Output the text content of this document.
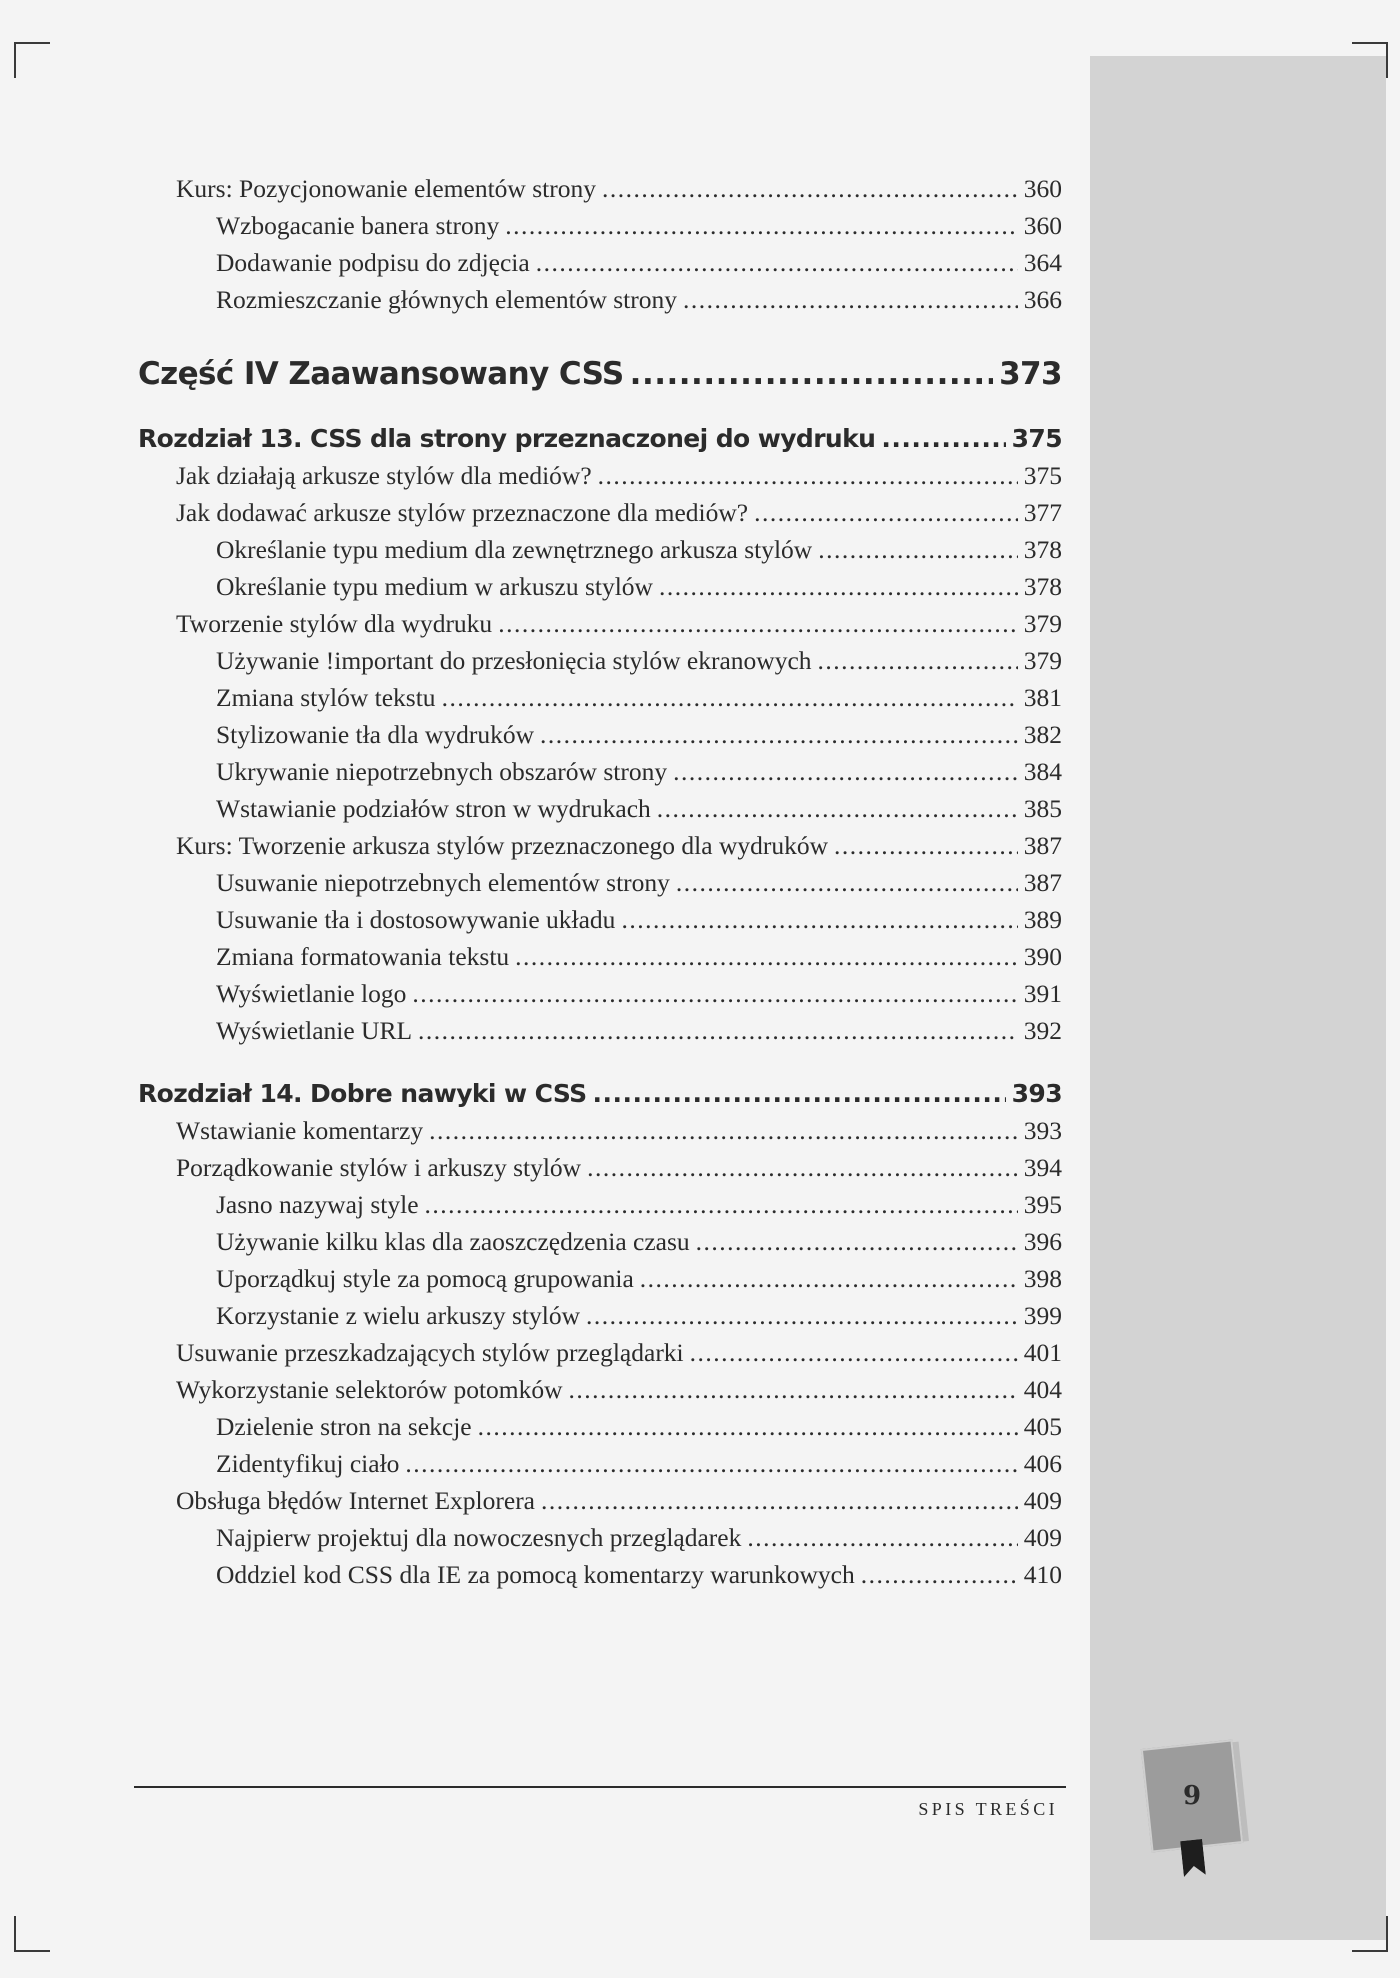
Kurs: Pozycjonowanie elementów strony .....	360
Wzbogacanie banera strony .....	360
Dodawanie podpisu do zdjęcia .....	364
Rozmieszczanie głównych elementów strony .....	366
Część IV Zaawansowany CSS .....	373
Rozdział 13. CSS dla strony przeznaczonej do wydruku .....	375
Jak działają arkusze stylów dla mediów? .....	375
Jak dodawać arkusze stylów przeznaczone dla mediów? .....	377
Określanie typu medium dla zewnętrznego arkusza stylów .....	378
Określanie typu medium w arkuszu stylów .....	378
Tworzenie stylów dla wydruku .....	379
Używanie !important do przesłonięcia stylów ekranowych .....	379
Zmiana stylów tekstu .....	381
Stylizowanie tła dla wydruków .....	382
Ukrywanie niepotrzebnych obszarów strony .....	384
Wstawianie podziałów stron w wydrukach .....	385
Kurs: Tworzenie arkusza stylów przeznaczonego dla wydruków .....	387
Usuwanie niepotrzebnych elementów strony .....	387
Usuwanie tła i dostosowywanie układu .....	389
Zmiana formatowania tekstu .....	390
Wyświetlanie logo .....	391
Wyświetlanie URL .....	392
Rozdział 14. Dobre nawyki w CSS .....	393
Wstawianie komentarzy .....	393
Porządkowanie stylów i arkuszy stylów .....	394
Jasno nazywaj style .....	395
Używanie kilku klas dla zaoszczędzenia czasu .....	396
Uporządkuj style za pomocą grupowania .....	398
Korzystanie z wielu arkuszy stylów .....	399
Usuwanie przeszkadzających stylów przeglądarki .....	401
Wykorzystanie selektorów potomków .....	404
Dzielenie stron na sekcje .....	405
Zidentyfikuj ciało .....	406
Obsługa błędów Internet Explorera .....	409
Najpierw projektuj dla nowoczesnych przeglądarek .....	409
Oddziel kod CSS dla IE za pomocą komentarzy warunkowych .....	410
SPIS TREŚCI	9
